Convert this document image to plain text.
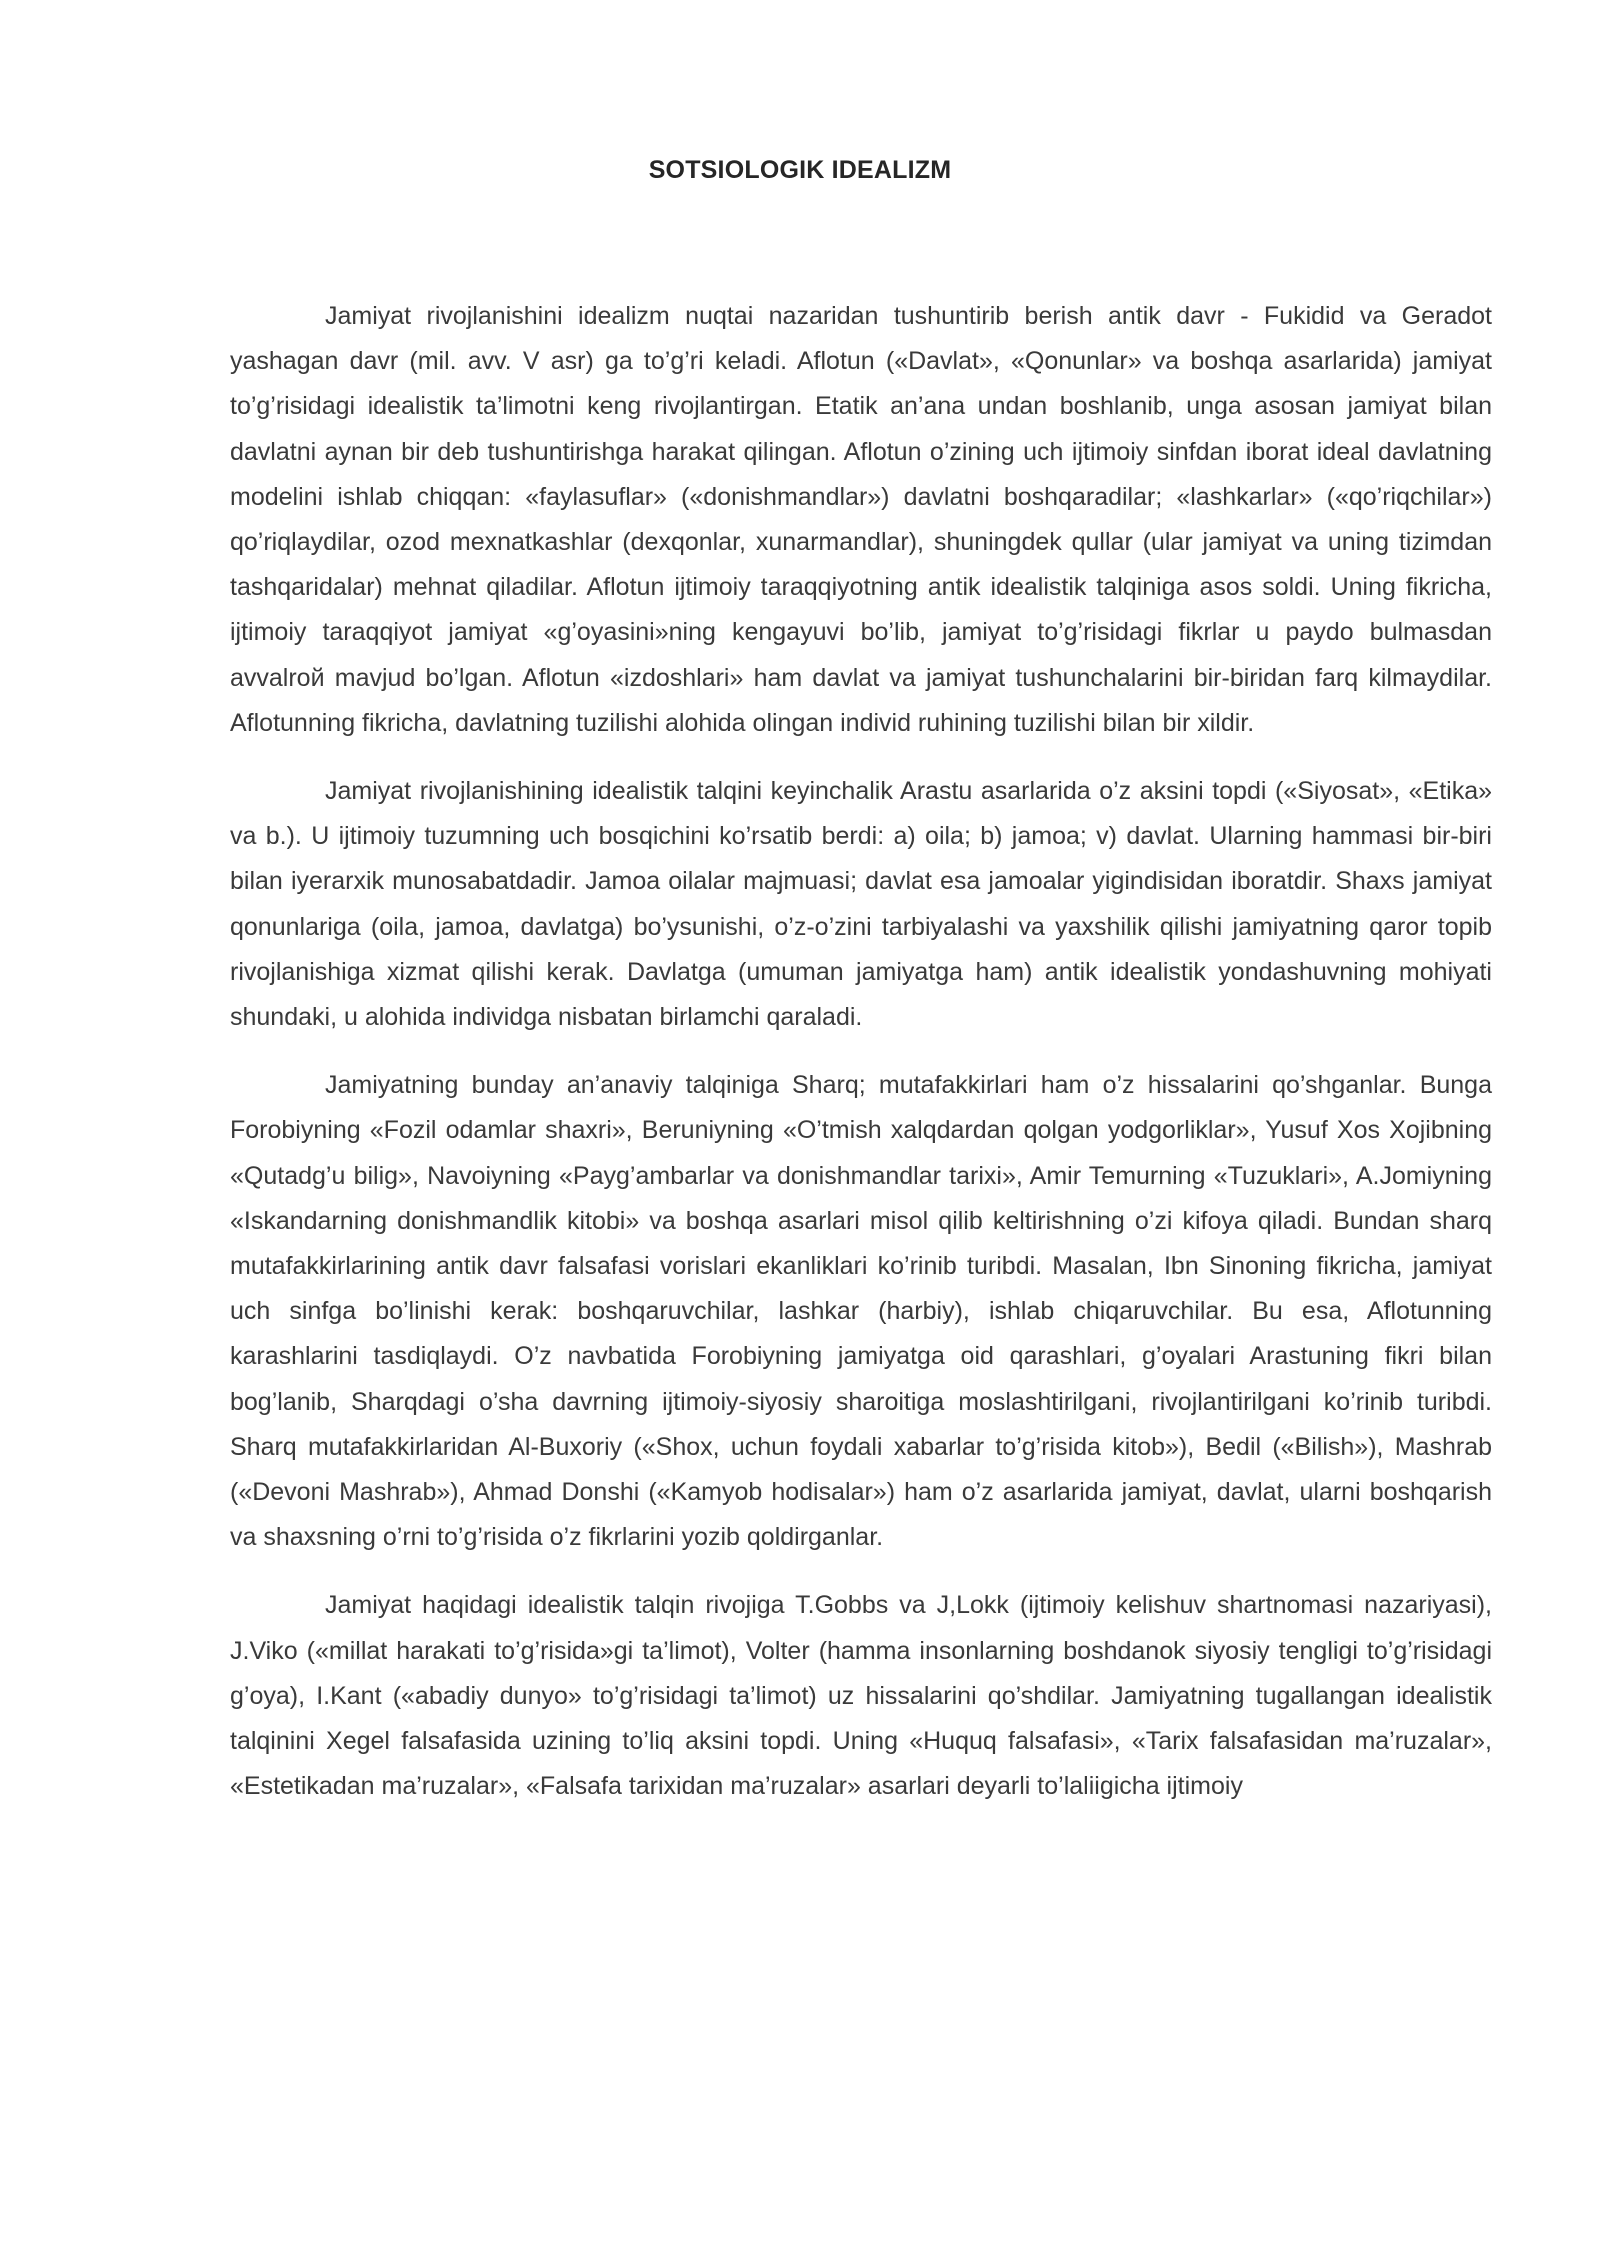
SOTSIOLOGIK IDEALIZM

Jamiyat rivojlanishini idealizm nuqtai nazaridan tushuntirib berish antik davr - Fukidid va Geradot yashagan davr (mil. avv. V asr) ga to’g’ri keladi. Aflotun («Davlat», «Qonunlar» va boshqa asarlarida) jamiyat to’g’risidagi idealistik ta’limotni keng rivojlantirgan. Etatik an’ana undan boshlanib, unga asosan jamiyat bilan davlatni aynan bir deb tushuntirishga harakat qilingan. Aflotun o’zining uch ijtimoiy sinfdan iborat ideal davlatning modelini ishlab chiqqan: «faylasuflar» («donishmandlar») davlatni boshqaradilar; «lashkarlar» («qo’riqchilar») qo’riqlaydilar, ozod mexnatkashlar (dexqonlar, xunarmandlar), shuningdek qullar (ular jamiyat va uning tizimdan tashqaridalar) mehnat qiladilar. Aflotun ijtimoiy taraqqiyotning antik idealistik talqiniga asos soldi. Uning fikricha, ijtimoiy taraqqiyot jamiyat «g’oyasini»ning kengayuvi bo’lib, jamiyat to’g’risidagi fikrlar u paydo bulmasdan avvalroй mavjud bo’lgan. Aflotun «izdoshlari» ham davlat va jamiyat tushunchalarini bir-biridan farq kilmaydilar. Aflotunning fikricha, davlatning tuzilishi alohida olingan individ ruhining tuzilishi bilan bir xildir.

Jamiyat rivojlanishining idealistik talqini keyinchalik Arastu asarlarida o’z aksini topdi («Siyosat», «Etika» va b.). U ijtimoiy tuzumning uch bosqichini ko’rsatib berdi: a) oila; b) jamoa; v) davlat. Ularning hammasi bir-biri bilan iyerarxik munosabatdadir. Jamoa oilalar majmuasi; davlat esa jamoalar yigindisidan iboratdir. Shaxs jamiyat qonunlariga (oila, jamoa, davlatga) bo’ysunishi, o’z-o’zini tarbiyalashi va yaxshilik qilishi jamiyatning qaror topib rivojlanishiga xizmat qilishi kerak. Davlatga (umuman jamiyatga ham) antik idealistik yondashuvning mohiyati shundaki, u alohida individga nisbatan birlamchi qaraladi.

Jamiyatning bunday an’anaviy talqiniga Sharq; mutafakkirlari ham o’z hissalarini qo’shganlar. Bunga Forobiyning «Fozil odamlar shaxri», Beruniyning «O’tmish xalqdardan qolgan yodgorliklar», Yusuf Xos Xojibning «Qutadg’u bilig», Navoiyning «Payg’ambarlar va donishmandlar tarixi», Amir Temurning «Tuzuklari», A.Jomiyning «Iskandarning donishmandlik kitobi» va boshqa asarlari misol qilib keltirishning o’zi kifoya qiladi. Bundan sharq mutafakkirlarining antik davr falsafasi vorislari ekanliklari ko’rinib turibdi. Masalan, Ibn Sinoning fikricha, jamiyat uch sinfga bo’linishi kerak: boshqaruvchilar, lashkar (harbiy), ishlab chiqaruvchilar. Bu esa, Aflotunning karashlarini tasdiqlaydi. O’z navbatida Forobiyning jamiyatga oid qarashlari, g’oyalari Arastuning fikri bilan bog’lanib, Sharqdagi o’sha davrning ijtimoiy-siyosiy sharoitiga moslashtirilgani, rivojlantirilgani ko’rinib turibdi. Sharq mutafakkirlaridan Al-Buxoriy («Shox, uchun foydali xabarlar to’g’risida kitob»), Bedil («Bilish»), Mashrab («Devoni Mashrab»), Ahmad Donshi («Kamyob hodisalar») ham o’z asarlarida jamiyat, davlat, ularni boshqarish va shaxsning o’rni to’g’risida o’z fikrlarini yozib qoldirganlar.

Jamiyat haqidagi idealistik talqin rivojiga T.Gobbs va J,Lokk (ijtimoiy kelishuv shartnomasi nazariyasi), J.Viko («millat harakati to’g’risida»gi ta’limot), Volter (hamma insonlarning boshdanok siyosiy tengligi to’g’risidagi g’oya), I.Kant («abadiy dunyo» to’g’risidagi ta’limot) uz hissalarini qo’shdilar. Jamiyatning tugallangan idealistik talqinini Xegel falsafasida uzining to’liq aksini topdi. Uning «Huquq falsafasi», «Tarix falsafasidan ma’ruzalar», «Estetikadan ma’ruzalar», «Falsafa tarixidan ma’ruzalar» asarlari deyarli to’laliigicha ijtimoiy
